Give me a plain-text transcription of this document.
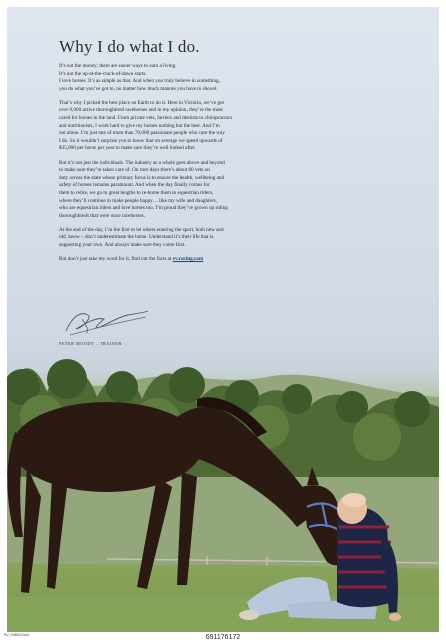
Why I do what I do.

It’s not the money; there are easier ways to earn a living.
It’s not the up-at-the-crack-of-dawn starts.
I love horses. It’s as simple as that. And when you truly believe in something,
you do what you’ve got to, no matter how much manure you have to shovel.

That’s why I picked the best place on Earth to do it. Here in Victoria, we’ve got
over 9,000 active thoroughbred racehorses and in my opinion, they’re the most
cared for horses in the land. From private vets, farriers and dentists to chiropractors
and nutritionists, I work hard to give my horses nothing but the best. And I’m
not alone. I’m just one of more than 70,000 passionate people who care the way
I do. So it wouldn’t surprise you to know that on average we spend upwards of
$35,000 per horse per year to make sure they’re well looked after.

But it’s not just the individuals. The industry as a whole goes above and beyond
to make sure they’re taken care of. On race days there’s about 60 vets on
duty across the state whose primary focus is to ensure the health, wellbeing and
safety of horses remains paramount. And when the day finally comes for
them to retire, we go to great lengths to re-home them to equestrian riders,
where they’ll continue to make people happy… like my wife and daughters,
who are equestrian riders and love horses too. I’m proud they’ve grown up riding
thoroughbreds that were once racehorses.

At the end of the day, I’m the first to let others entering the sport, both new and
old, know – don’t underestimate the horse. Understand it’s their life that is
supporting your own. And always make sure they come first.

But don’t just take my word for it, find out the facts at rv.racing.com

PETER MOODY – TRAINER
RV_H4B5/22/Ad	691176172
